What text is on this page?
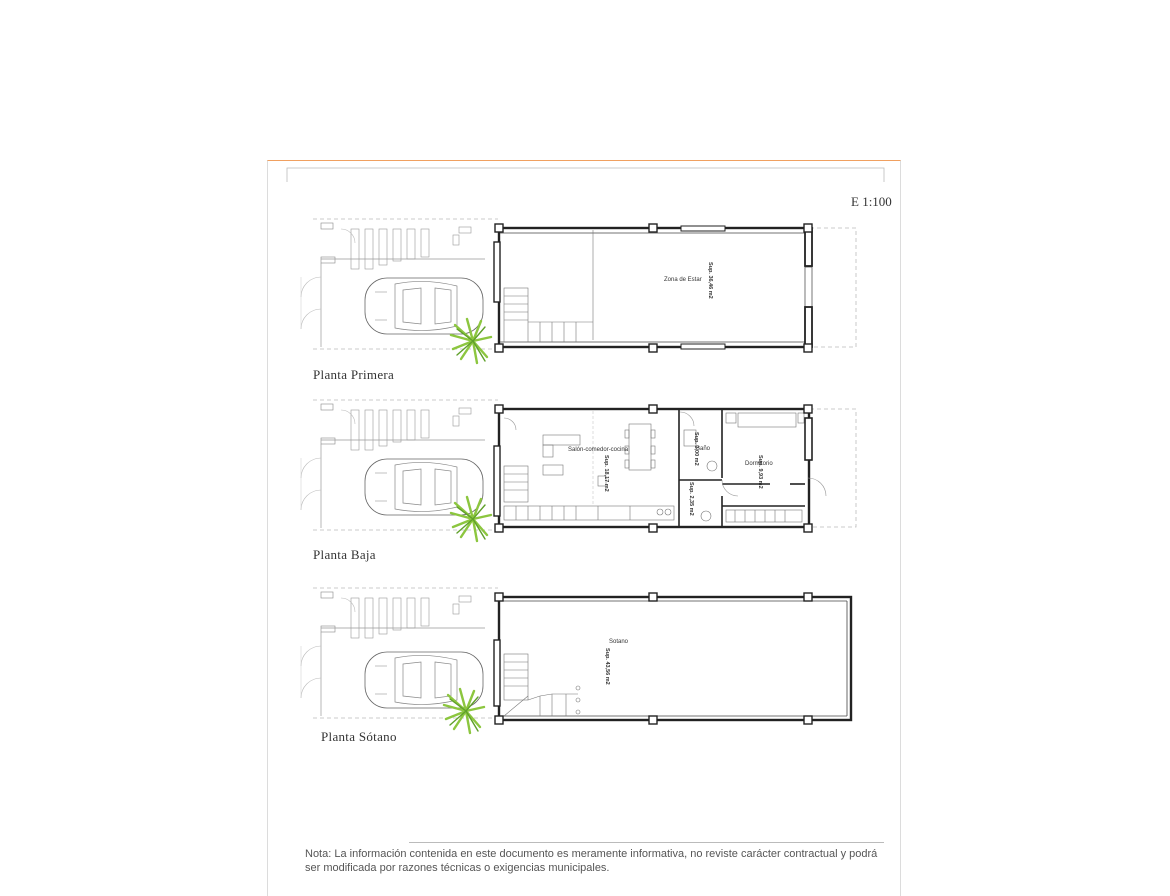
Zona de Estar Sup. 36,46 m2
Salón-comedor-cocina
Sup. 18,17 m2
Baño
Sup. 3,00 m2	Dormitorio
Sup. 9,93 m2
Sup. 2,35 m2
Sotano
Sup. 43,56 m2
E 1:100
Planta Primera
Planta Baja
Planta Sótano
Nota: La información contenida en este documento es meramente informativa, no reviste carácter contractual y podrá ser modificada por razones técnicas o exigencias municipales.
